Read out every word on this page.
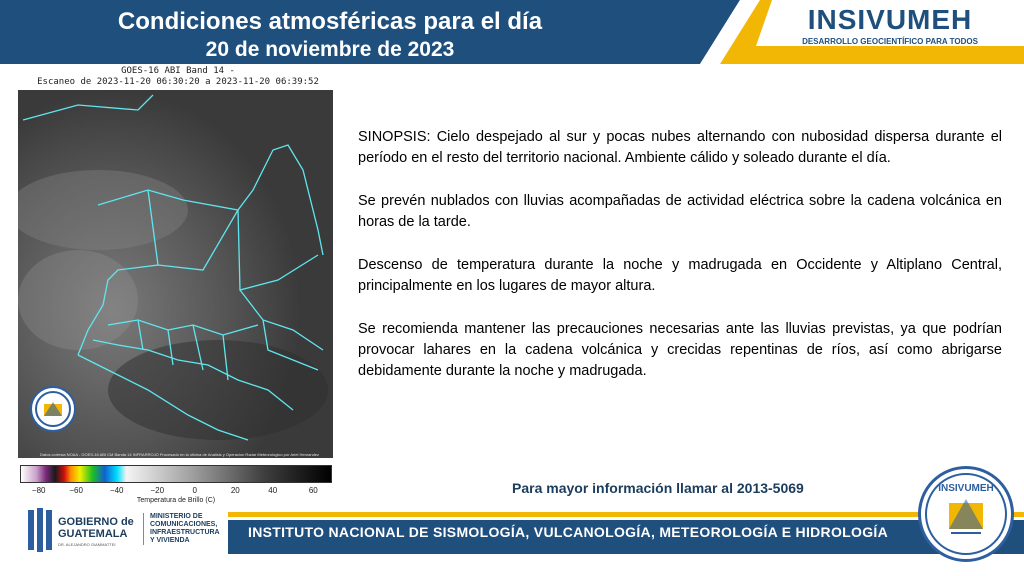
Condiciones atmosféricas para el día
20 de noviembre de 2023
INSIVUMEH
DESARROLLO GEOCIENTÍFICO PARA TODOS
GOES-16 ABI Band 14 -
Escaneo de 2023-11-20 06:30:20 a 2023-11-20 06:39:52
Datos cortesia NOAA - GOES-16 ABI CM Banda 14 INFRARROJO Procesado en la oficina de Analisis y Operacion Radar Meteorologico por Ariel Hernandez
−80	−60	−40	−20	0	20	40	60
Temperatura de Brillo (C)

SINOPSIS: Cielo despejado al sur y pocas nubes alternando con nubosidad dispersa durante el período en el resto del territorio nacional. Ambiente cálido y soleado durante el día.

Se prevén nublados con lluvias acompañadas de actividad eléctrica sobre la cadena volcánica en horas de la tarde.

Descenso de temperatura durante la noche y madrugada en Occidente y Altiplano Central, principalmente en los lugares de mayor altura.

Se recomienda mantener las precauciones necesarias ante las lluvias previstas, ya que podrían provocar lahares en la cadena volcánica y crecidas repentinas de ríos, así como abrigarse debidamente durante la noche y madrugada.

Para mayor información llamar al 2013-5069
GOBIERNO de
GUATEMALA
DR. ALEJANDRO GIAMMATTEI
MINISTERIO DE
COMUNICACIONES,
INFRAESTRUCTURA
Y VIVIENDA
INSTITUTO NACIONAL DE SISMOLOGÍA, VULCANOLOGÍA, METEOROLOGÍA E HIDROLOGÍA
INSIVUMEH
